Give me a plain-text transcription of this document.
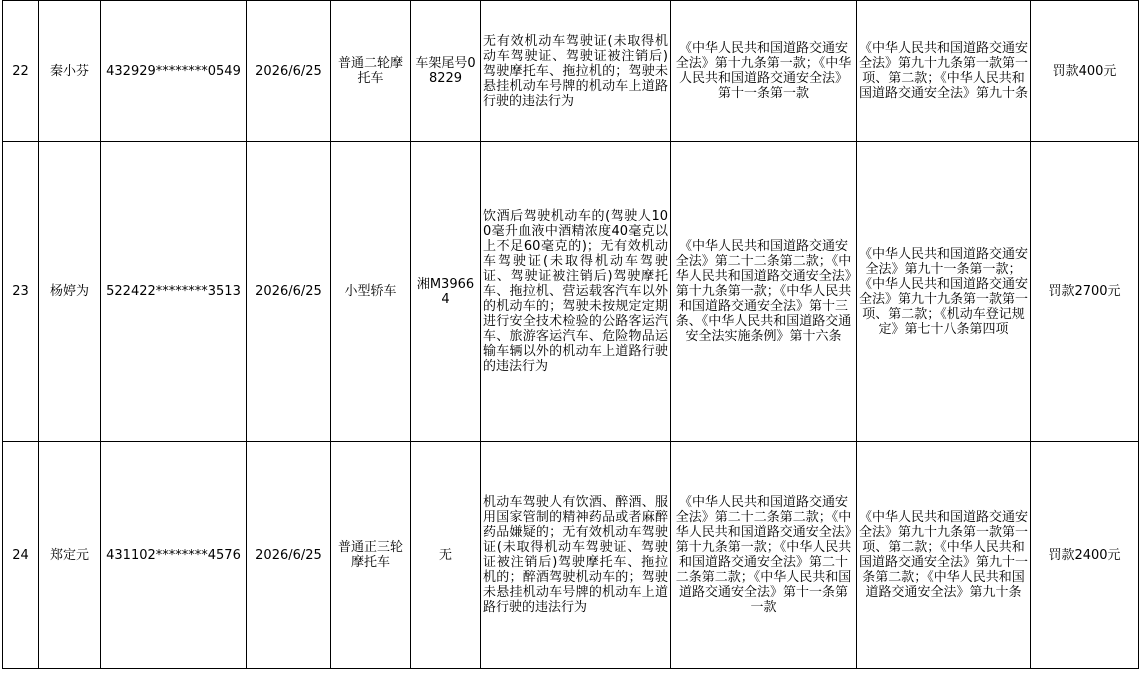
22	秦小芬	432929********0549	2026/6/25	普通二轮摩托车	车架尾号08229	无有效机动车驾驶证(未取得机动车驾驶证、驾驶证被注销后)驾驶摩托车、拖拉机的；驾驶未悬挂机动车号牌的机动车上道路行驶的违法行为	《中华人民共和国道路交通安全法》第十九条第一款；《中华人民共和国道路交通安全法》第十一条第一款	《中华人民共和国道路交通安全法》第九十九条第一款第一项、第二款；《中华人民共和国道路交通安全法》第九十条	罚款400元
23	杨婷为	522422********3513	2026/6/25	小型轿车	湘M39664	饮酒后驾驶机动车的(驾驶人100毫升血液中酒精浓度40毫克以上不足60毫克的)；无有效机动车驾驶证(未取得机动车驾驶证、驾驶证被注销后)驾驶摩托车、拖拉机、营运载客汽车以外的机动车的；驾驶未按规定定期进行安全技术检验的公路客运汽车、旅游客运汽车、危险物品运输车辆以外的机动车上道路行驶的违法行为	《中华人民共和国道路交通安全法》第二十二条第二款；《中华人民共和国道路交通安全法》第十九条第一款；《中华人民共和国道路交通安全法》第十三条、《中华人民共和国道路交通安全法实施条例》第十六条	《中华人民共和国道路交通安全法》第九十一条第一款；《中华人民共和国道路交通安全法》第九十九条第一款第一项、第二款；《机动车登记规定》第七十八条第四项	罚款2700元
24	郑定元	431102********4576	2026/6/25	普通正三轮摩托车	无	机动车驾驶人有饮酒、醉酒、服用国家管制的精神药品或者麻醉药品嫌疑的；无有效机动车驾驶证(未取得机动车驾驶证、驾驶证被注销后)驾驶摩托车、拖拉机的；醉酒驾驶机动车的；驾驶未悬挂机动车号牌的机动车上道路行驶的违法行为	《中华人民共和国道路交通安全法》第二十二条第二款；《中华人民共和国道路交通安全法》第十九条第一款；《中华人民共和国道路交通安全法》第二十二条第二款；《中华人民共和国道路交通安全法》第十一条第一款	《中华人民共和国道路交通安全法》第九十九条第一款第一项、第二款；《中华人民共和国道路交通安全法》第九十一条第二款；《中华人民共和国道路交通安全法》第九十条	罚款2400元
